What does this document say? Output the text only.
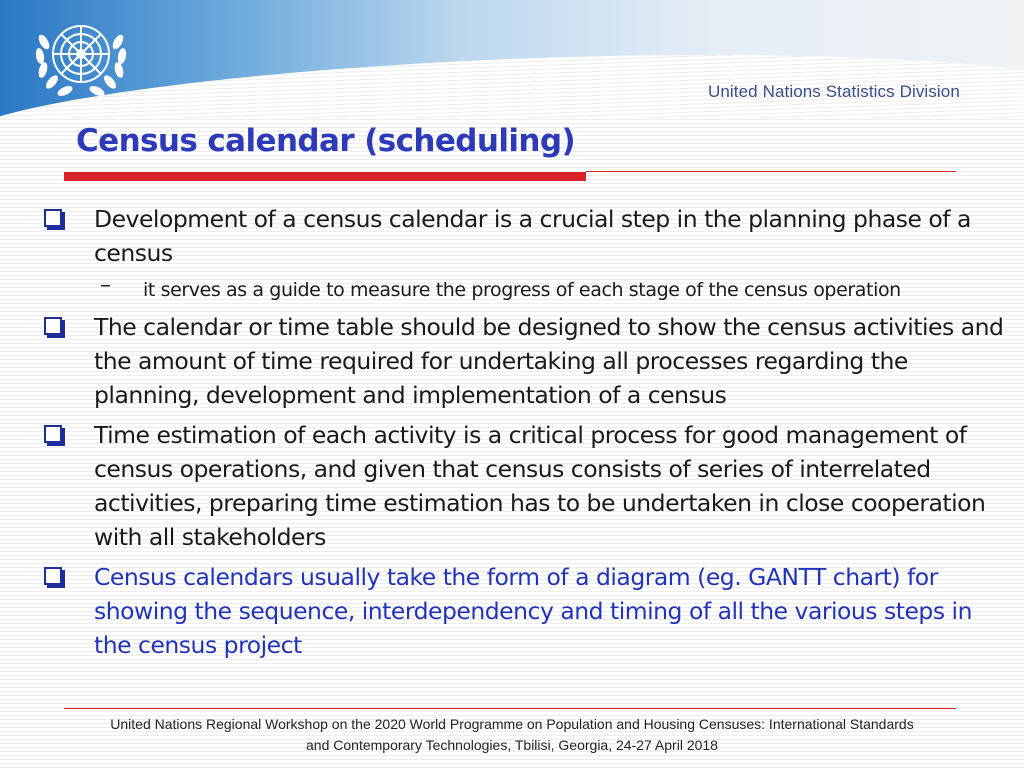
United Nations Statistics Division
Census calendar (scheduling)
Development of a census calendar is a crucial step in the planning phase of a census
– it serves as a guide to measure the progress of each stage of the census operation
The calendar or time table should be designed to show the census activities and the amount of time required for undertaking all processes regarding the planning, development and implementation of a census
Time estimation of each activity is a critical process for good management of census operations, and given that census consists of series of interrelated activities, preparing time estimation has to be undertaken in close cooperation with all stakeholders
Census calendars usually take the form of a diagram (eg. GANTT chart) for showing the sequence, interdependency and timing of all the various steps in the census project
United Nations Regional Workshop on the 2020 World Programme on Population and Housing Censuses: International Standards
and Contemporary Technologies, Tbilisi, Georgia, 24-27 April 2018
